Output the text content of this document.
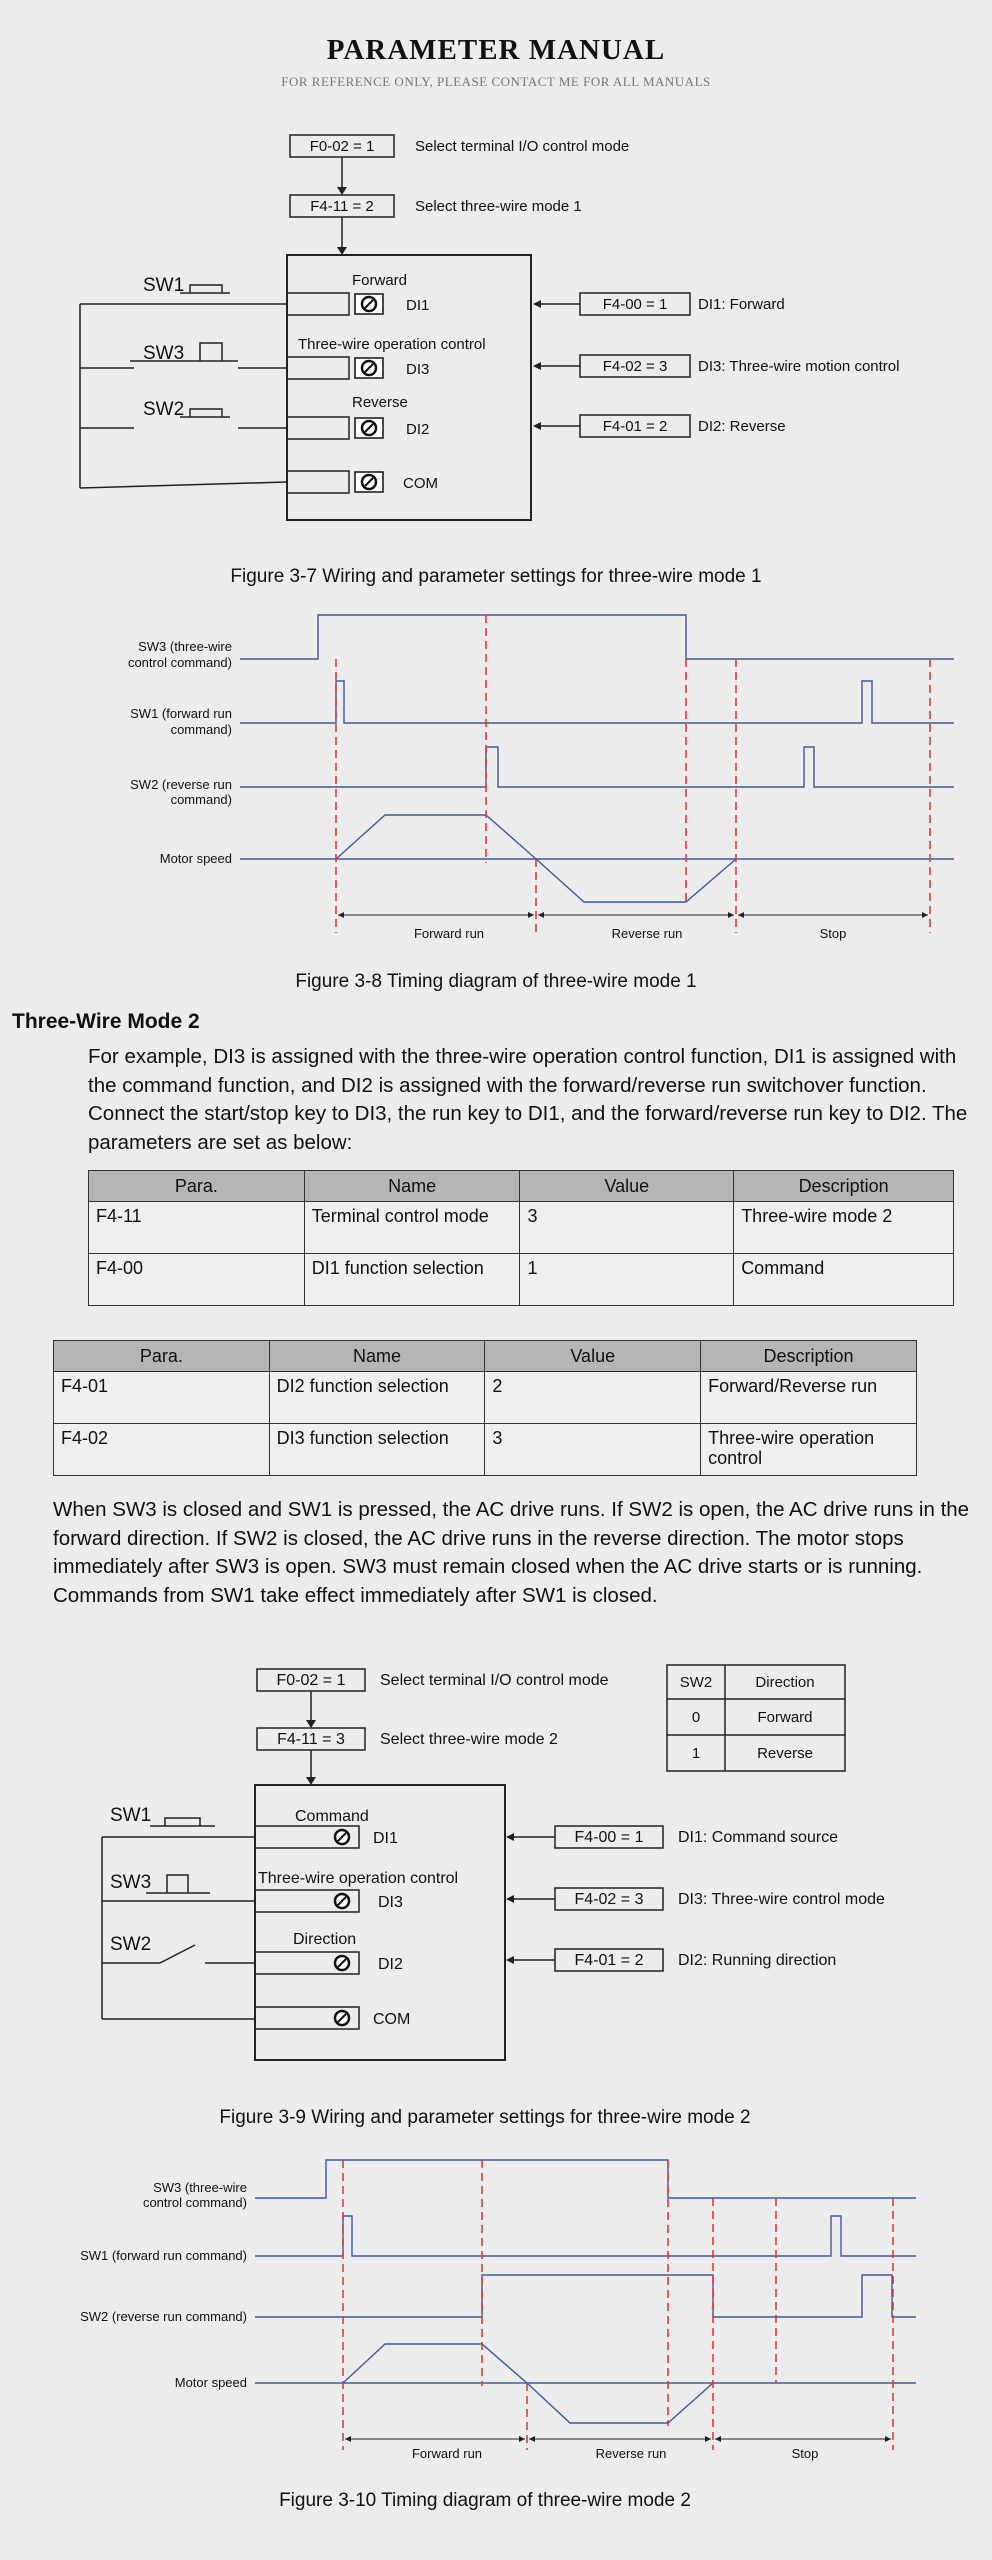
PARAMETER MANUAL
FOR REFERENCE ONLY, PLEASE CONTACT ME FOR ALL MANUALS
F0-02 = 1	Select terminal I/O control mode
F4-11 = 2	Select three-wire mode 1
SW1
SW3
SW2
Forward
Three-wire operation control
Reverse
DI1
DI3
DI2
COM
F4-00 = 1 DI1: Forward
F4-02 = 3 DI3: Three-wire motion control
F4-01 = 2 DI2: Reverse
Figure 3-7 Wiring and parameter settings for three-wire mode 1
SW3 (three-wire
control command)
SW1 (forward run
command)
SW2 (reverse run
command)
Motor speed
Forward run	Reverse run	Stop
Figure 3-8 Timing diagram of three-wire mode 1
Three-Wire Mode 2
For example, DI3 is assigned with the three-wire operation control function, DI1 is assigned with the command function, and DI2 is assigned with the forward/reverse run switchover function. Connect the start/stop key to DI3, the run key to DI1, and the forward/reverse run key to DI2. The parameters are set as below:
Para.	Name	Value	Description
F4-11	Terminal control mode	3	Three-wire mode 2
F4-00	DI1 function selection	1	Command
Para.	Name	Value	Description
F4-01	DI2 function selection	2	Forward/Reverse run
F4-02	DI3 function selection	3	Three-wire operation control
When SW3 is closed and SW1 is pressed, the AC drive runs. If SW2 is open, the AC drive runs in the forward direction. If SW2 is closed, the AC drive runs in the reverse direction. The motor stops immediately after SW3 is open. SW3 must remain closed when the AC drive starts or is running. Commands from SW1 take effect immediately after SW1 is closed.
F0-02 = 1 Select terminal I/O control mode
F4-11 = 3 Select three-wire mode 2
SW2	Direction
0	Forward
1	Reverse
SW1
SW3
SW2
Command
Three-wire operation control
Direction
DI1
DI3
DI2
COM
F4-00 = 1 DI1: Command source
F4-02 = 3 DI3: Three-wire control mode
F4-01 = 2 DI2: Running direction
Figure 3-9 Wiring and parameter settings for three-wire mode 2
SW3 (three-wire
control command)
SW1 (forward run command)
SW2 (reverse run command)
Motor speed
Forward run	Reverse run	Stop
Figure 3-10 Timing diagram of three-wire mode 2
